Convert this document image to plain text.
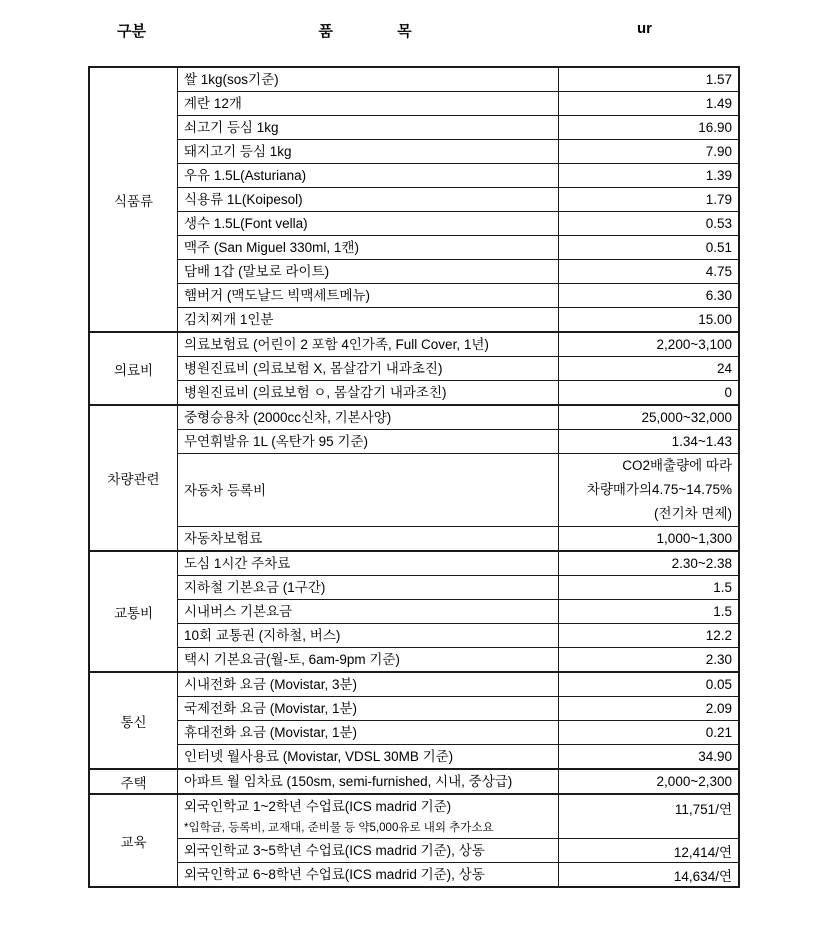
구분	품 목	ur
식품류	쌀 1kg(sos기준)	1.57

	계란 12개	1.49

	쇠고기 등심 1kg	16.90

	돼지고기 등심 1kg	7.90

	우유 1.5L(Asturiana)	1.39

	식용류 1L(Koipesol)	1.79

	생수 1.5L(Font vella)	0.53

	맥주 (San Miguel 330ml, 1캔)	0.51

	담배 1갑 (말보로 라이트)	4.75

	햄버거 (맥도날드 빅맥세트메뉴)	6.30

	김치찌개 1인분	15.00
의료비	의료보험료 (어린이 2 포함 4인가족, Full Cover, 1년)	2,200~3,100

	병원진료비 (의료보험 X, 몸살감기 내과초진)	24

	병원진료비 (의료보험 ㅇ, 몸살감기 내과조친)	0
차량관련	중형승용차 (2000cc신차, 기본사양)	25,000~32,000

	무연휘발유 1L (옥탄가 95 기준)	1.34~1.43

	자동차 등록비	CO2배출량에 따라
차량매가의4.75~14.75%
(전기차 면제)

	자동차보험료	1,000~1,300
교통비	도심 1시간 주차료	2.30~2.38

	지하철 기본요금 (1구간)	1.5

	시내버스 기본요금	1.5

	10회 교통권 (지하철, 버스)	12.2

	택시 기본요금(월-토, 6am-9pm 기준)	2.30
통신	시내전화 요금 (Movistar, 3분)	0.05

	국제전화 요금 (Movistar, 1분)	2.09

	휴대전화 요금 (Movistar, 1분)	0.21

	인터넷 월사용료 (Movistar, VDSL 30MB 기준)	34.90
주택	아파트 월 임차료 (150sm, semi-furnished, 시내, 중상급)	2,000~2,300
교육	외국인학교 1~2학년 수업료(ICS madrid 기준)
*입학금, 등록비, 교재대, 준비물 등 약5,000유로 내외 추가소요	11,751/연

	외국인학교 3~5학년 수업료(ICS madrid 기준), 상동	12,414/연

	외국인학교 6~8학년 수업료(ICS madrid 기준), 상동	14,634/연
